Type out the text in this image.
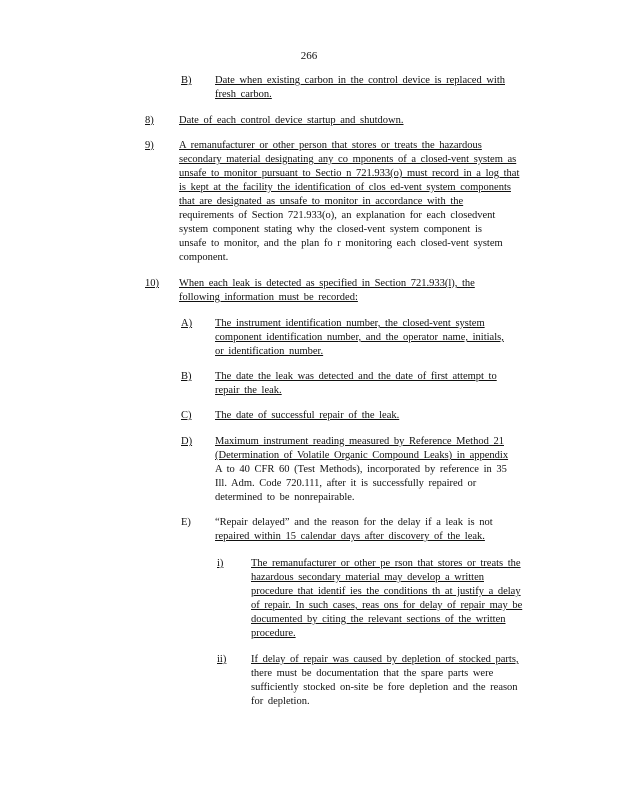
266
B) Date when existing carbon in the control device is replaced with
fresh carbon.
8) Date of each control device startup and shutdown.
9) A remanufacturer or other person that stores or treats the hazardous
secondary material designating any co mponents of a closed-vent system as
unsafe to monitor pursuant to Sectio n 721.933(o) must record in a log that
is kept at the facility the identification of clos ed-vent system components
that are designated as unsafe to monitor in accordance with the
requirements of Section 721.933(o), an explanation for each closedvent
system component stating why the closed-vent system component is
unsafe to monitor, and the plan fo r monitoring each closed-vent system
component.
10) When each leak is detected as specified in Section 721.933(l), the
following information must be recorded:
A) The instrument identification number, the closed-vent system
component identification number, and the operator name, initials,
or identification number.
B) The date the leak was detected and the date of first attempt to
repair the leak.
C) The date of successful repair of the leak.
D) Maximum instrument reading measured by Reference Method 21
(Determination of Volatile Organic Compound Leaks) in appendix
A to 40 CFR 60 (Test Methods), incorporated by reference in 35
Ill. Adm. Code 720.111, after it is successfully repaired or
determined to be nonrepairable.
E) “Repair delayed” and the reason for the delay if a leak is not
repaired within 15 calendar days after discovery of the leak.
i)	The remanufacturer or other pe rson that stores or treats the
hazardous secondary material may develop a written
procedure that identif ies the conditions th at justify a delay
of repair. In such cases, reas ons for delay of repair may be
documented by citing the relevant sections of the written
procedure.
ii) If delay of repair was caused by depletion of stocked parts,
there must be documentation that the spare parts were
sufficiently stocked on-site be fore depletion and the reason
for depletion.
